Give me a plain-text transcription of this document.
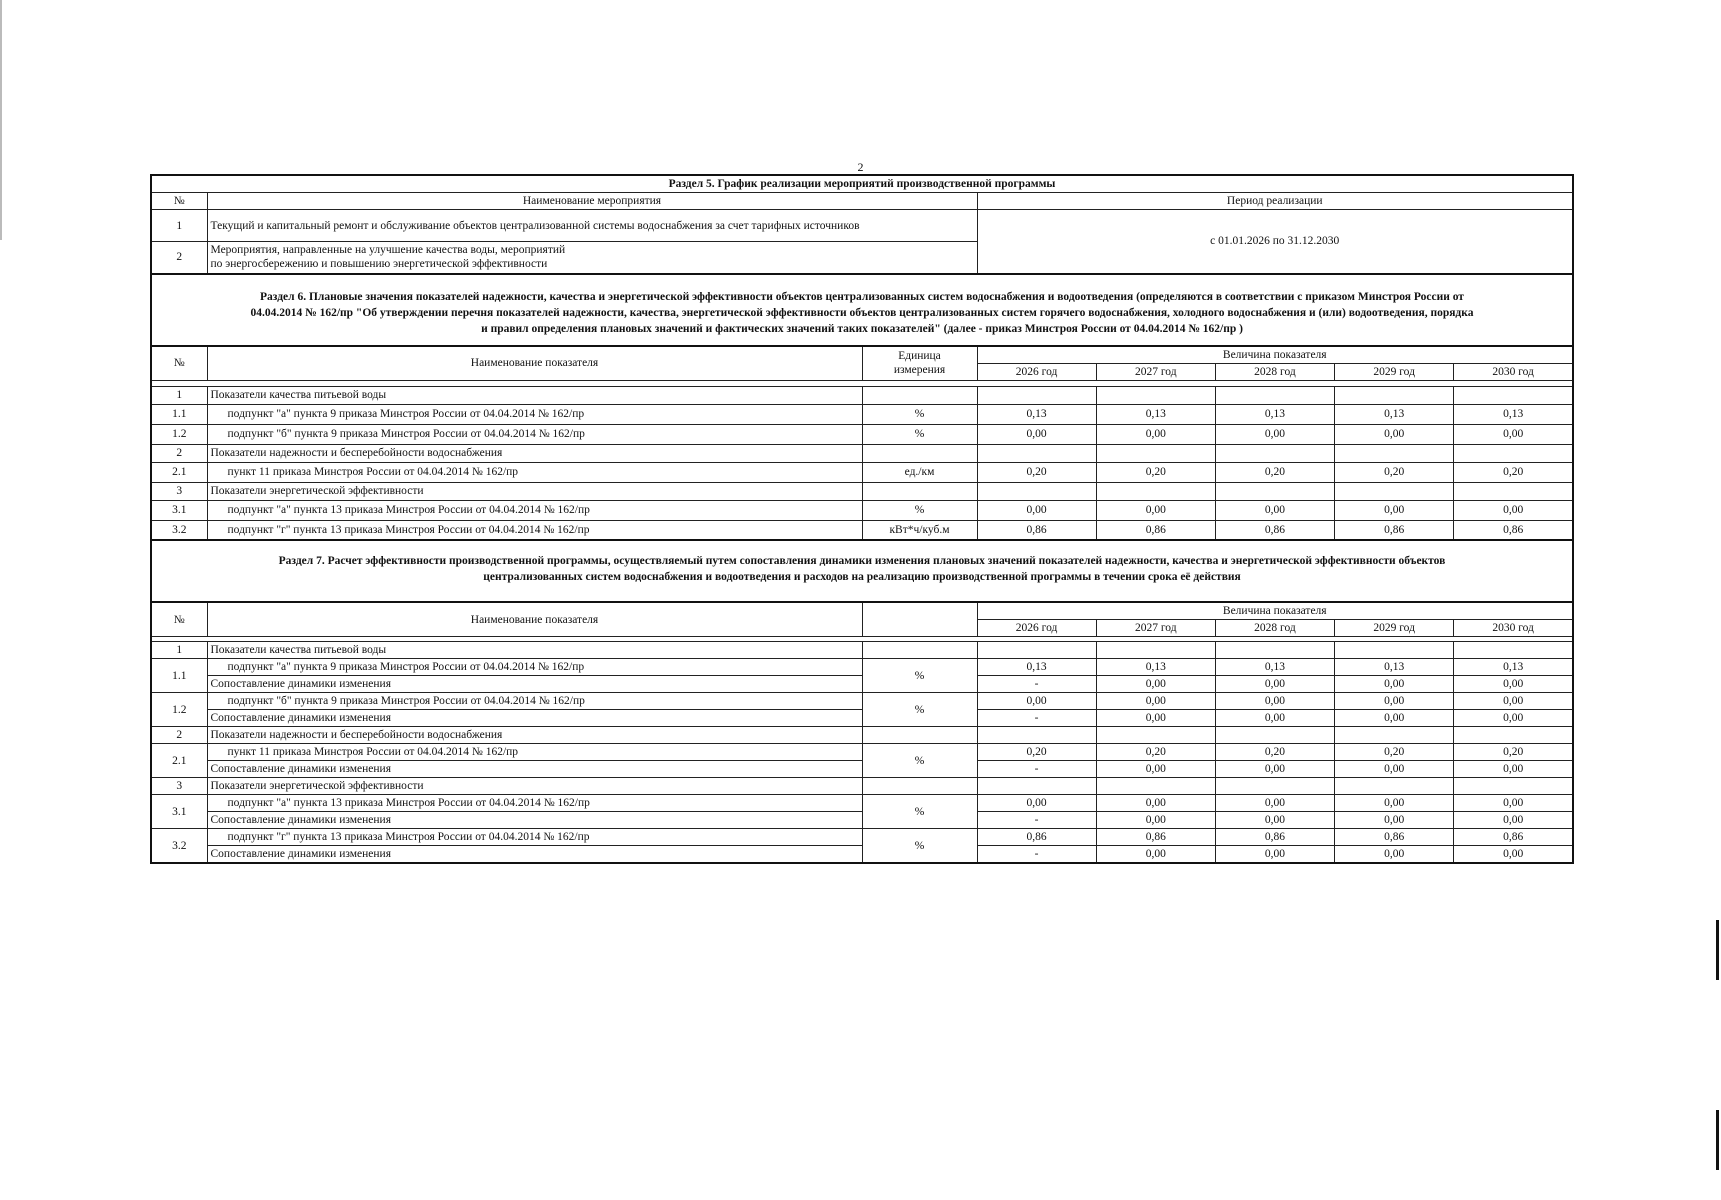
2
Раздел 5. График реализации мероприятий производственной программы		
№	Наименование мероприятия	Период реализации
1	Текущий и капитальный ремонт и обслуживание объектов централизованной системы водоснабжения за счет тарифных источников	с 01.01.2026 по 31.12.2030
2	Мероприятия, направленные на улучшение качества воды, мероприятий
по энергосбережению и повышению энергетической эффективности	
Раздел 6. Плановые значения показателей надежности, качества и энергетической эффективности объектов централизованных систем водоснабжения и водоотведения (определяются в соответствии с приказом Минстроя России от
04.04.2014 № 162/пр "Об утверждении перечня показателей надежности, качества, энергетической эффективности объектов централизованных систем горячего водоснабжения, холодного водоснабжения и (или) водоотведения, порядка
и правил определения плановых значений и фактических значений таких показателей" (далее - приказ Минстроя России от 04.04.2014 № 162/пр )
№	Наименование показателя	Единица
измерения	Величина показателя				
			2026 год	2027 год	2028 год	2029 год	2030 год

1	Показатели качества питьевой воды						
1.1	подпункт "а" пункта 9 приказа Минстроя России от 04.04.2014 № 162/пр	%	0,13	0,13	0,13	0,13	0,13
1.2	подпункт "б" пункта 9 приказа Минстроя России от 04.04.2014 № 162/пр	%	0,00	0,00	0,00	0,00	0,00
2	Показатели надежности и бесперебойности водоснабжения						
2.1	пункт 11 приказа Минстроя России от 04.04.2014 № 162/пр	ед./км	0,20	0,20	0,20	0,20	0,20
3	Показатели энергетической эффективности						
3.1	подпункт "а" пункта 13 приказа Минстроя России от 04.04.2014 № 162/пр	%	0,00	0,00	0,00	0,00	0,00
3.2	подпункт "г" пункта 13 приказа Минстроя России от 04.04.2014 № 162/пр	кВт*ч/куб.м	0,86	0,86	0,86	0,86	0,86
Раздел 7. Расчет эффективности производственной программы, осуществляемый путем сопоставления динамики изменения плановых значений показателей надежности, качества и энергетической эффективности объектов
централизованных систем водоснабжения и водоотведения и расходов на реализацию производственной программы в течении срока её действия
№	Наименование показателя		Величина показателя				
			2026 год	2027 год	2028 год	2029 год	2030 год

1	Показатели качества питьевой воды						
1.1	подпункт "а" пункта 9 приказа Минстроя России от 04.04.2014 № 162/пр	%	0,13	0,13	0,13	0,13	0,13
	Сопоставление динамики изменения		-	0,00	0,00	0,00	0,00
1.2	подпункт "б" пункта 9 приказа Минстроя России от 04.04.2014 № 162/пр	%	0,00	0,00	0,00	0,00	0,00
	Сопоставление динамики изменения		-	0,00	0,00	0,00	0,00
2	Показатели надежности и бесперебойности водоснабжения						
2.1	пункт 11 приказа Минстроя России от 04.04.2014 № 162/пр	%	0,20	0,20	0,20	0,20	0,20
	Сопоставление динамики изменения		-	0,00	0,00	0,00	0,00
3	Показатели энергетической эффективности						
3.1	подпункт "а" пункта 13 приказа Минстроя России от 04.04.2014 № 162/пр	%	0,00	0,00	0,00	0,00	0,00
	Сопоставление динамики изменения		-	0,00	0,00	0,00	0,00
3.2	подпункт "г" пункта 13 приказа Минстроя России от 04.04.2014 № 162/пр	%	0,86	0,86	0,86	0,86	0,86
	Сопоставление динамики изменения		-	0,00	0,00	0,00	0,00
